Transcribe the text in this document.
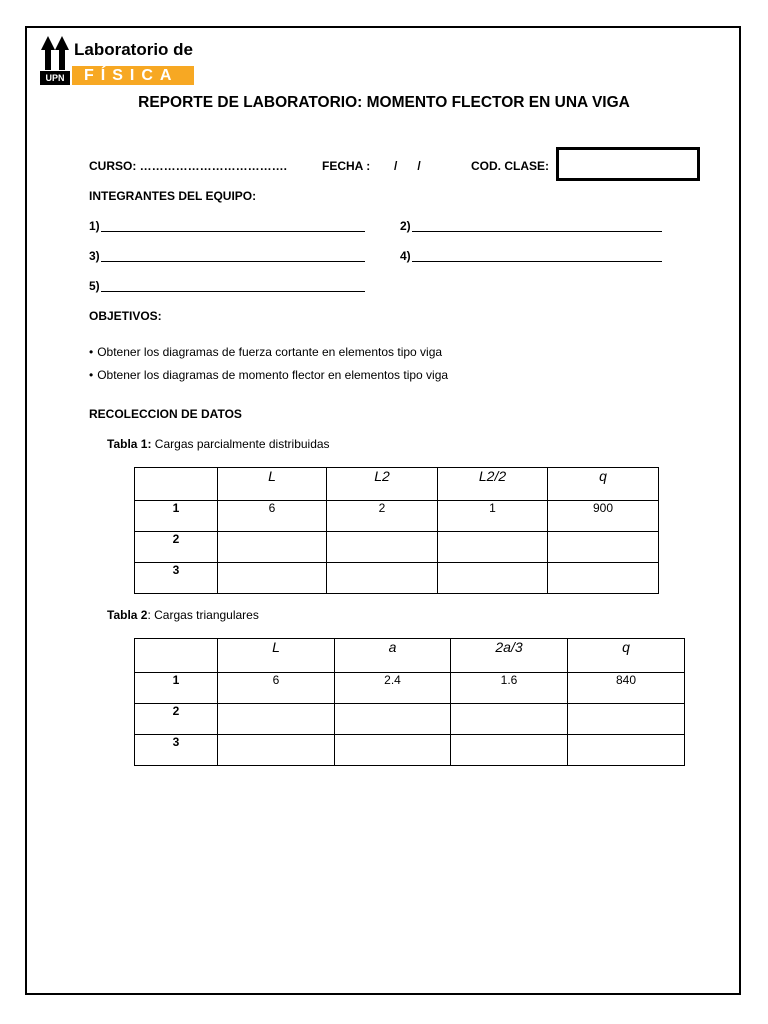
UPN
Laboratorio de
FÍSICA
REPORTE DE LABORATORIO: MOMENTO FLECTOR EN UNA VIGA
CURSO: ……………………………….	FECHA : /      /	COD. CLASE:
INTEGRANTES DEL EQUIPO:
1)	2)
3)	4)
5)
OBJETIVOS:
• Obtener los diagramas de fuerza cortante en elementos tipo viga
• Obtener los diagramas de momento flector en elementos tipo viga
RECOLECCION DE DATOS
Tabla 1: Cargas parcialmente distribuidas
	L	L2	L2/2	q
1	6	2	1	900
2				
3				
Tabla 2: Cargas triangulares
	L	a	2a/3	q
1	6	2.4	1.6	840
2				
3				
